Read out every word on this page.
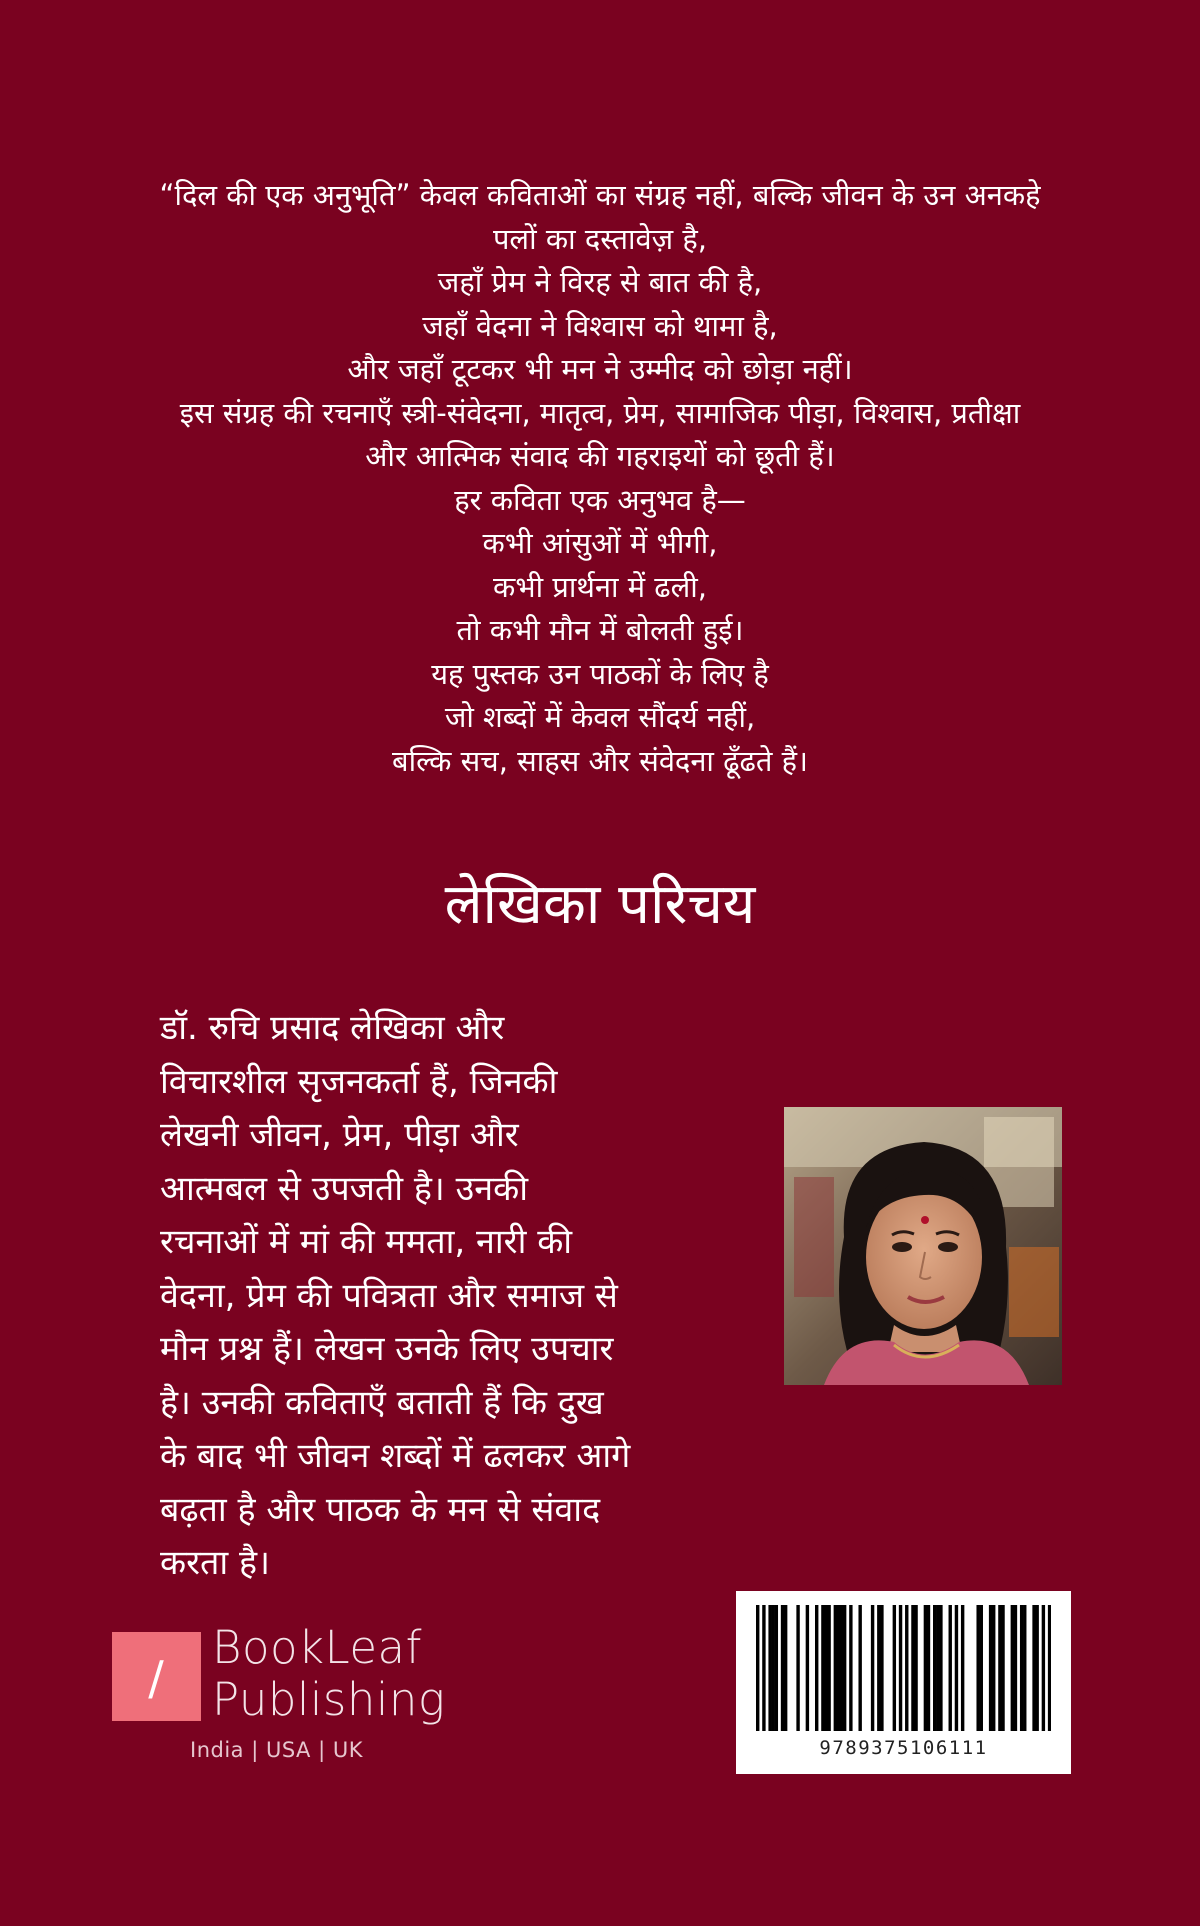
“दिल की एक अनुभूति” केवल कविताओं का संग्रह नहीं, बल्कि जीवन के उन अनकहे
पलों का दस्तावेज़ है,
जहाँ प्रेम ने विरह से बात की है,
जहाँ वेदना ने विश्वास को थामा है,
और जहाँ टूटकर भी मन ने उम्मीद को छोड़ा नहीं।
इस संग्रह की रचनाएँ स्त्री-संवेदना, मातृत्व, प्रेम, सामाजिक पीड़ा, विश्वास, प्रतीक्षा
और आत्मिक संवाद की गहराइयों को छूती हैं।
हर कविता एक अनुभव है—
कभी आंसुओं में भीगी,
कभी प्रार्थना में ढली,
तो कभी मौन में बोलती हुई।
यह पुस्तक उन पाठकों के लिए है
जो शब्दों में केवल सौंदर्य नहीं,
बल्कि सच, साहस और संवेदना ढूँढते हैं।
लेखिका परिचय
डॉ. रुचि प्रसाद लेखिका और
विचारशील सृजनकर्ता हैं, जिनकी
लेखनी जीवन, प्रेम, पीड़ा और
आत्मबल से उपजती है। उनकी
रचनाओं में मां की ममता, नारी की
वेदना, प्रेम की पवित्रता और समाज से
मौन प्रश्न हैं। लेखन उनके लिए उपचार
है। उनकी कविताएँ बताती हैं कि दुख
के बाद भी जीवन शब्दों में ढलकर आगे
बढ़ता है और पाठक के मन से संवाद
करता है।
/
BookLeaf
Publishing
India | USA | UK	9789375106111
